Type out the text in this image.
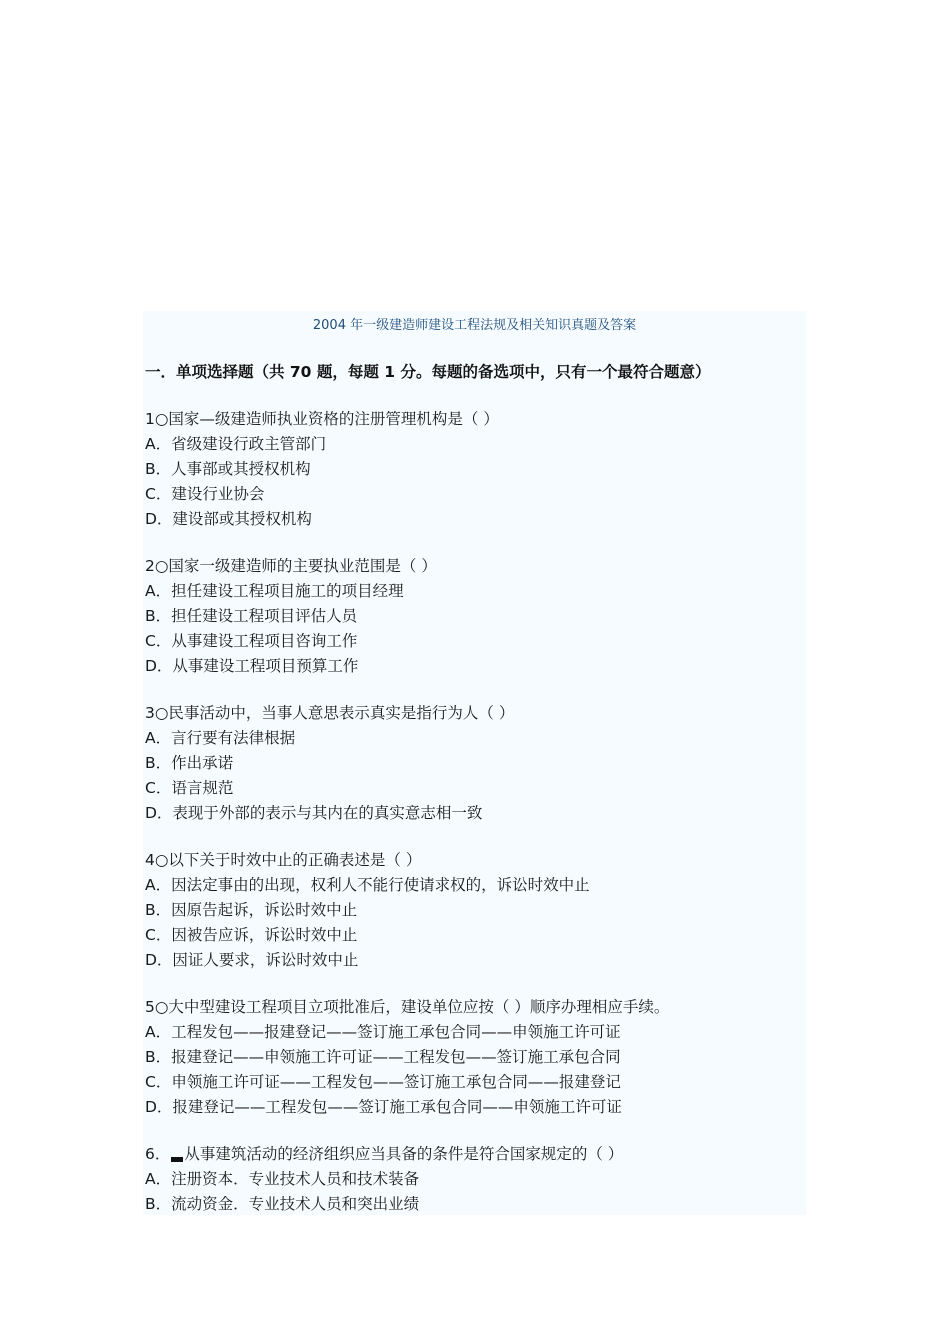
2004 年一级建造师建设工程法规及相关知识真题及答案
一．单项选择题（共 70 题，每题 1 分。每题的备选项中，只有一个最符合题意）
1○国家—级建造师执业资格的注册管理机构是（ ）
A．省级建设行政主管部门
B．人事部或其授权机构
C．建设行业协会
D．建设部或其授权机构
2○国家一级建造师的主要执业范围是（ ）
A．担任建设工程项目施工的项目经理
B．担任建设工程项目评估人员
C．从事建设工程项目咨询工作
D．从事建设工程项目预算工作
3○民事活动中，当事人意思表示真实是指行为人（ ）
A．言行要有法律根据
B．作出承诺
C．语言规范
D．表现于外部的表示与其内在的真实意志相一致
4○以下关于时效中止的正确表述是（ ）
A．因法定事由的出现，权利人不能行使请求权的，诉讼时效中止
B．因原告起诉，诉讼时效中止
C．因被告应诉，诉讼时效中止
D．因证人要求，诉讼时效中止
5○大中型建设工程项目立项批准后，建设单位应按（ ）顺序办理相应手续。
A．工程发包——报建登记——签订施工承包合同——申领施工许可证
B．报建登记——申领施工许可证——工程发包——签订施工承包合同
C．申领施工许可证——工程发包——签订施工承包合同——报建登记
D．报建登记——工程发包——签订施工承包合同——申领施工许可证
6． 从事建筑活动的经济组织应当具备的条件是符合国家规定的（ ）
A．注册资本．专业技术人员和技术装备
B．流动资金．专业技术人员和突出业绩
